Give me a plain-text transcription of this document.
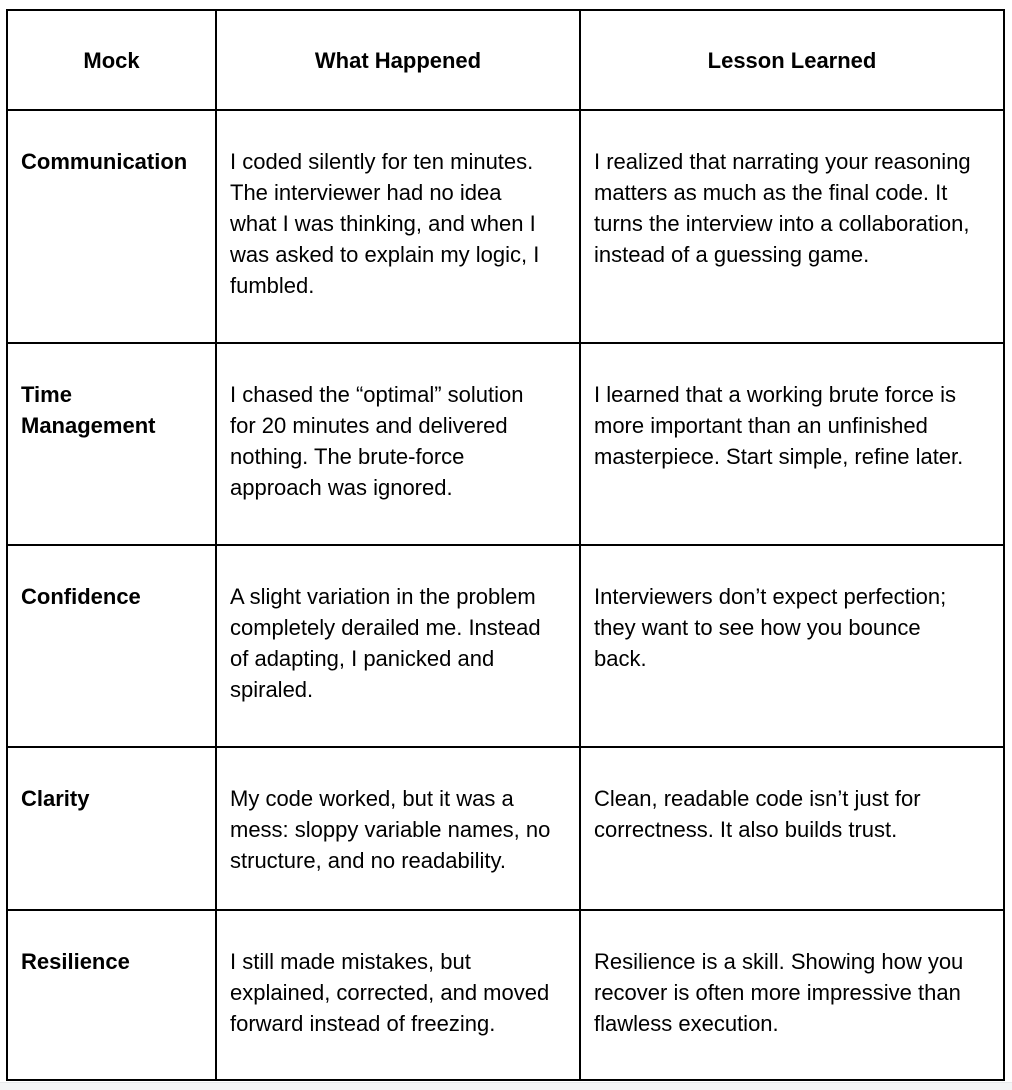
Mock	What Happened	Lesson Learned
Communication	I coded silently for ten minutes. The interviewer had no idea what I was thinking, and when I was asked to explain my logic, I fumbled.	I realized that narrating your reasoning matters as much as the final code. It turns the interview into a collaboration, instead of a guessing game.
Time Management	I chased the “optimal” solution for 20 minutes and delivered nothing. The brute-force approach was ignored.	I learned that a working brute force is more important than an unfinished masterpiece. Start simple, refine later.
Confidence	A slight variation in the problem completely derailed me. Instead of adapting, I panicked and spiraled.	Interviewers don’t expect perfection; they want to see how you bounce back.
Clarity	My code worked, but it was a mess: sloppy variable names, no structure, and no readability.	Clean, readable code isn’t just for correctness. It also builds trust.
Resilience	I still made mistakes, but explained, corrected, and moved forward instead of freezing.	Resilience is a skill. Showing how you recover is often more impressive than flawless execution.
